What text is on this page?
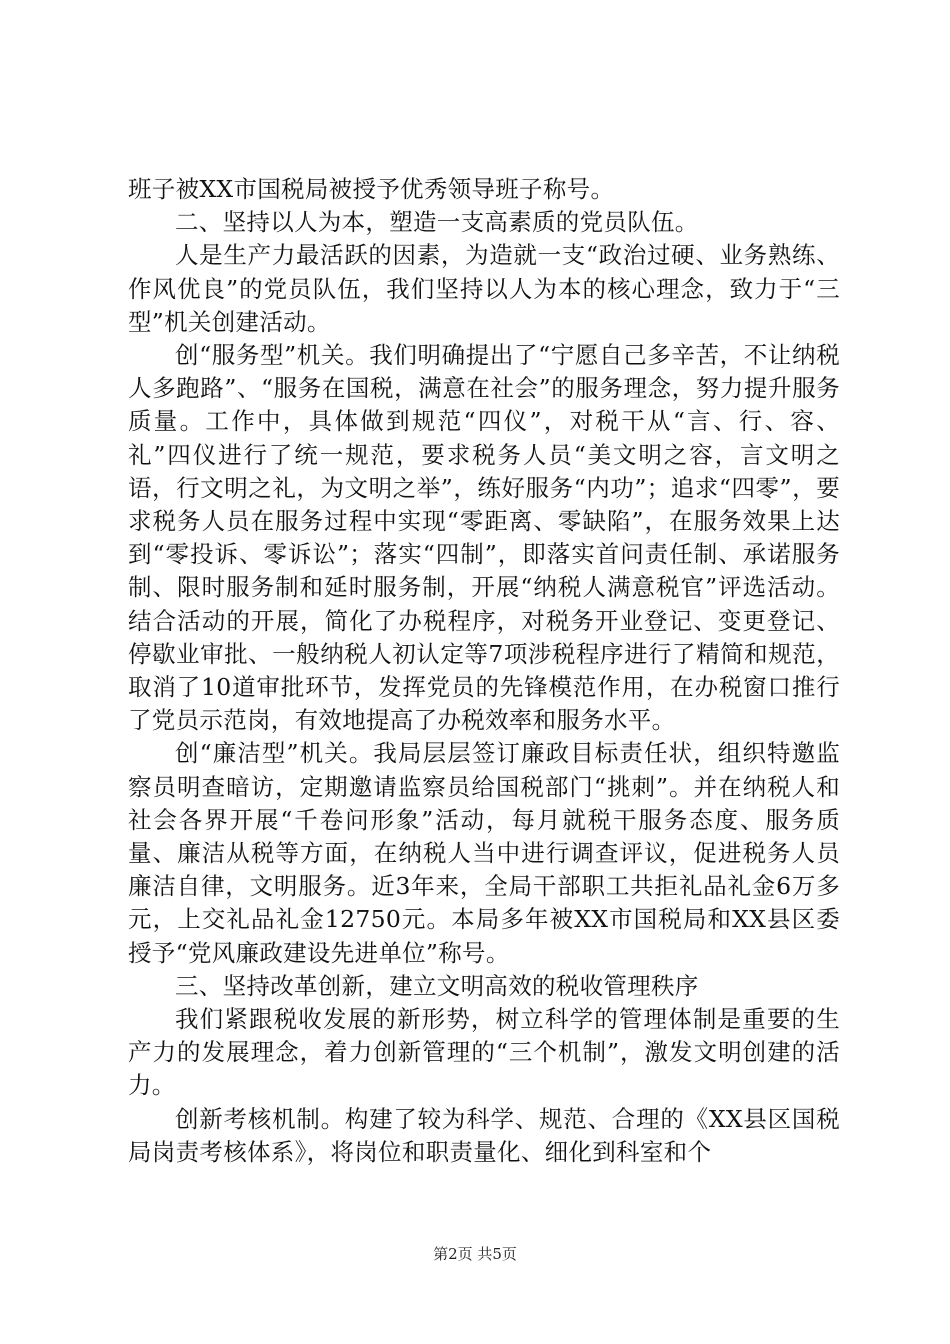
班子被XX市国税局被授予优秀领导班子称号。

二、坚持以人为本，塑造一支高素质的党员队伍。

人是生产力最活跃的因素，为造就一支“政治过硬、业务熟练、作风优良”的党员队伍，我们坚持以人为本的核心理念，致力于“三型”机关创建活动。

创“服务型”机关。我们明确提出了“宁愿自己多辛苦，不让纳税人多跑路”、“服务在国税，满意在社会”的服务理念，努力提升服务质量。工作中，具体做到规范“四仪”，对税干从“言、行、容、礼”四仪进行了统一规范，要求税务人员“美文明之容，言文明之语，行文明之礼，为文明之举”，练好服务“内功”；追求“四零”，要求税务人员在服务过程中实现“零距离、零缺陷”，在服务效果上达到“零投诉、零诉讼”；落实“四制”，即落实首问责任制、承诺服务制、限时服务制和延时服务制，开展“纳税人满意税官”评选活动。结合活动的开展，简化了办税程序，对税务开业登记、变更登记、停歇业审批、一般纳税人初认定等7项涉税程序进行了精简和规范，取消了10道审批环节，发挥党员的先锋模范作用，在办税窗口推行了党员示范岗，有效地提高了办税效率和服务水平。

创“廉洁型”机关。我局层层签订廉政目标责任状，组织特邀监察员明查暗访，定期邀请监察员给国税部门“挑刺”。并在纳税人和社会各界开展“千卷问形象”活动，每月就税干服务态度、服务质量、廉洁从税等方面，在纳税人当中进行调查评议，促进税务人员廉洁自律，文明服务。近3年来，全局干部职工共拒礼品礼金6万多元，上交礼品礼金12750元。本局多年被XX市国税局和XX县区委授予“党风廉政建设先进单位”称号。

三、坚持改革创新，建立文明高效的税收管理秩序

我们紧跟税收发展的新形势，树立科学的管理体制是重要的生产力的发展理念，着力创新管理的“三个机制”，激发文明创建的活力。

创新考核机制。构建了较为科学、规范、合理的《XX县区国税局岗责考核体系》，将岗位和职责量化、细化到科室和个

第2页 共5页
